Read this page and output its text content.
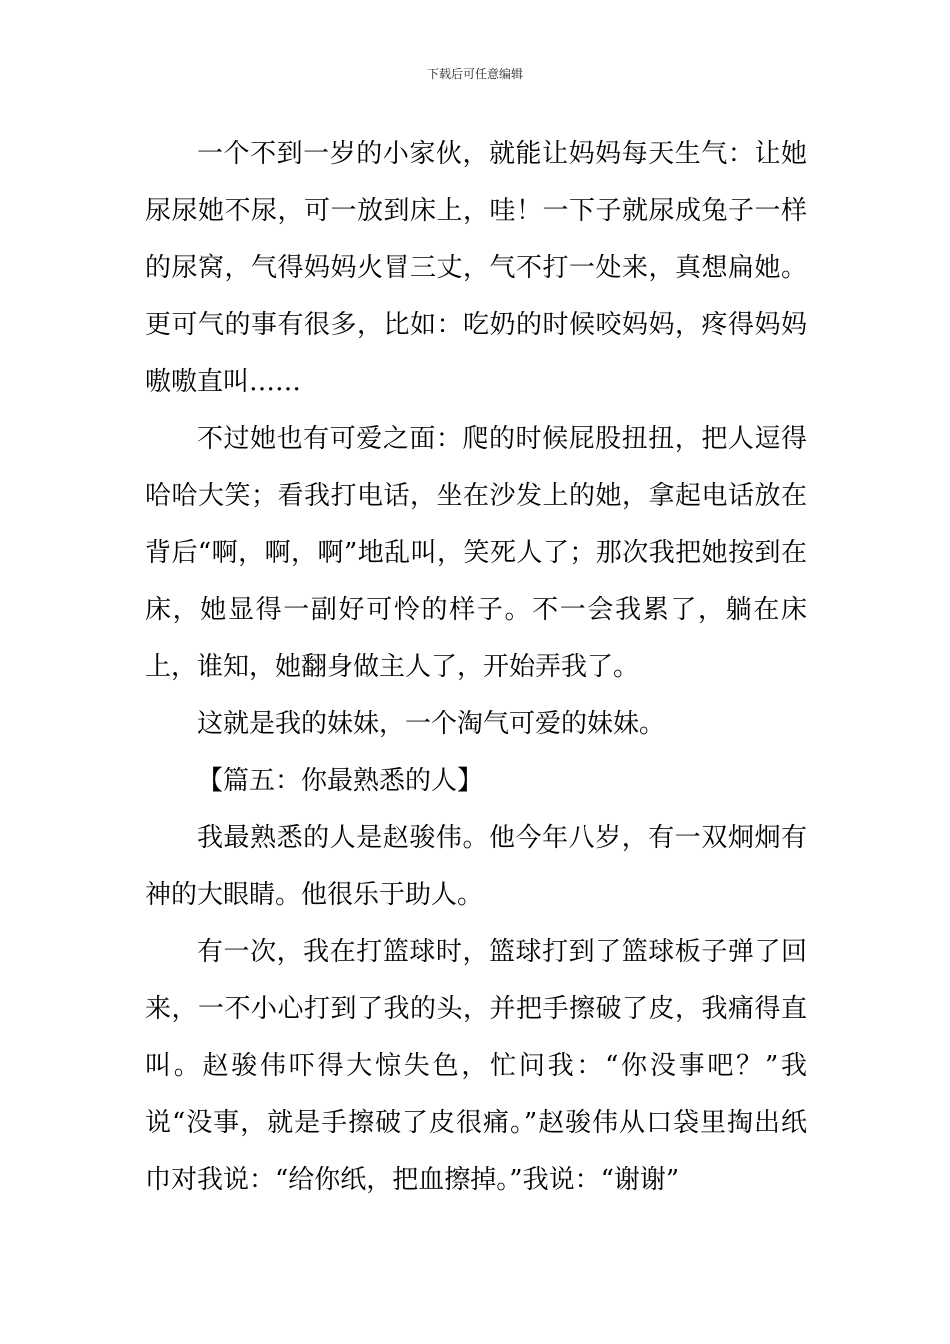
下载后可任意编辑

一个不到一岁的小家伙，就能让妈妈每天生气：让她尿尿她不尿，可一放到床上，哇！一下子就尿成兔子一样的尿窝，气得妈妈火冒三丈，气不打一处来，真想扁她。更可气的事有很多，比如：吃奶的时候咬妈妈，疼得妈妈嗷嗷直叫……

不过她也有可爱之面：爬的时候屁股扭扭，把人逗得哈哈大笑；看我打电话，坐在沙发上的她，拿起电话放在背后“啊，啊，啊”地乱叫，笑死人了；那次我把她按到在床，她显得一副好可怜的样子。不一会我累了，躺在床上，谁知，她翻身做主人了，开始弄我了。

这就是我的妹妹，一个淘气可爱的妹妹。

【篇五：你最熟悉的人】

我最熟悉的人是赵骏伟。他今年八岁，有一双炯炯有神的大眼睛。他很乐于助人。

有一次，我在打篮球时，篮球打到了篮球板子弹了回来，一不小心打到了我的头，并把手擦破了皮，我痛得直叫。赵骏伟吓得大惊失色，忙问我：“你没事吧？”我说“没事，就是手擦破了皮很痛。”赵骏伟从口袋里掏出纸巾对我说：“给你纸，把血擦掉。”我说：“谢谢”
